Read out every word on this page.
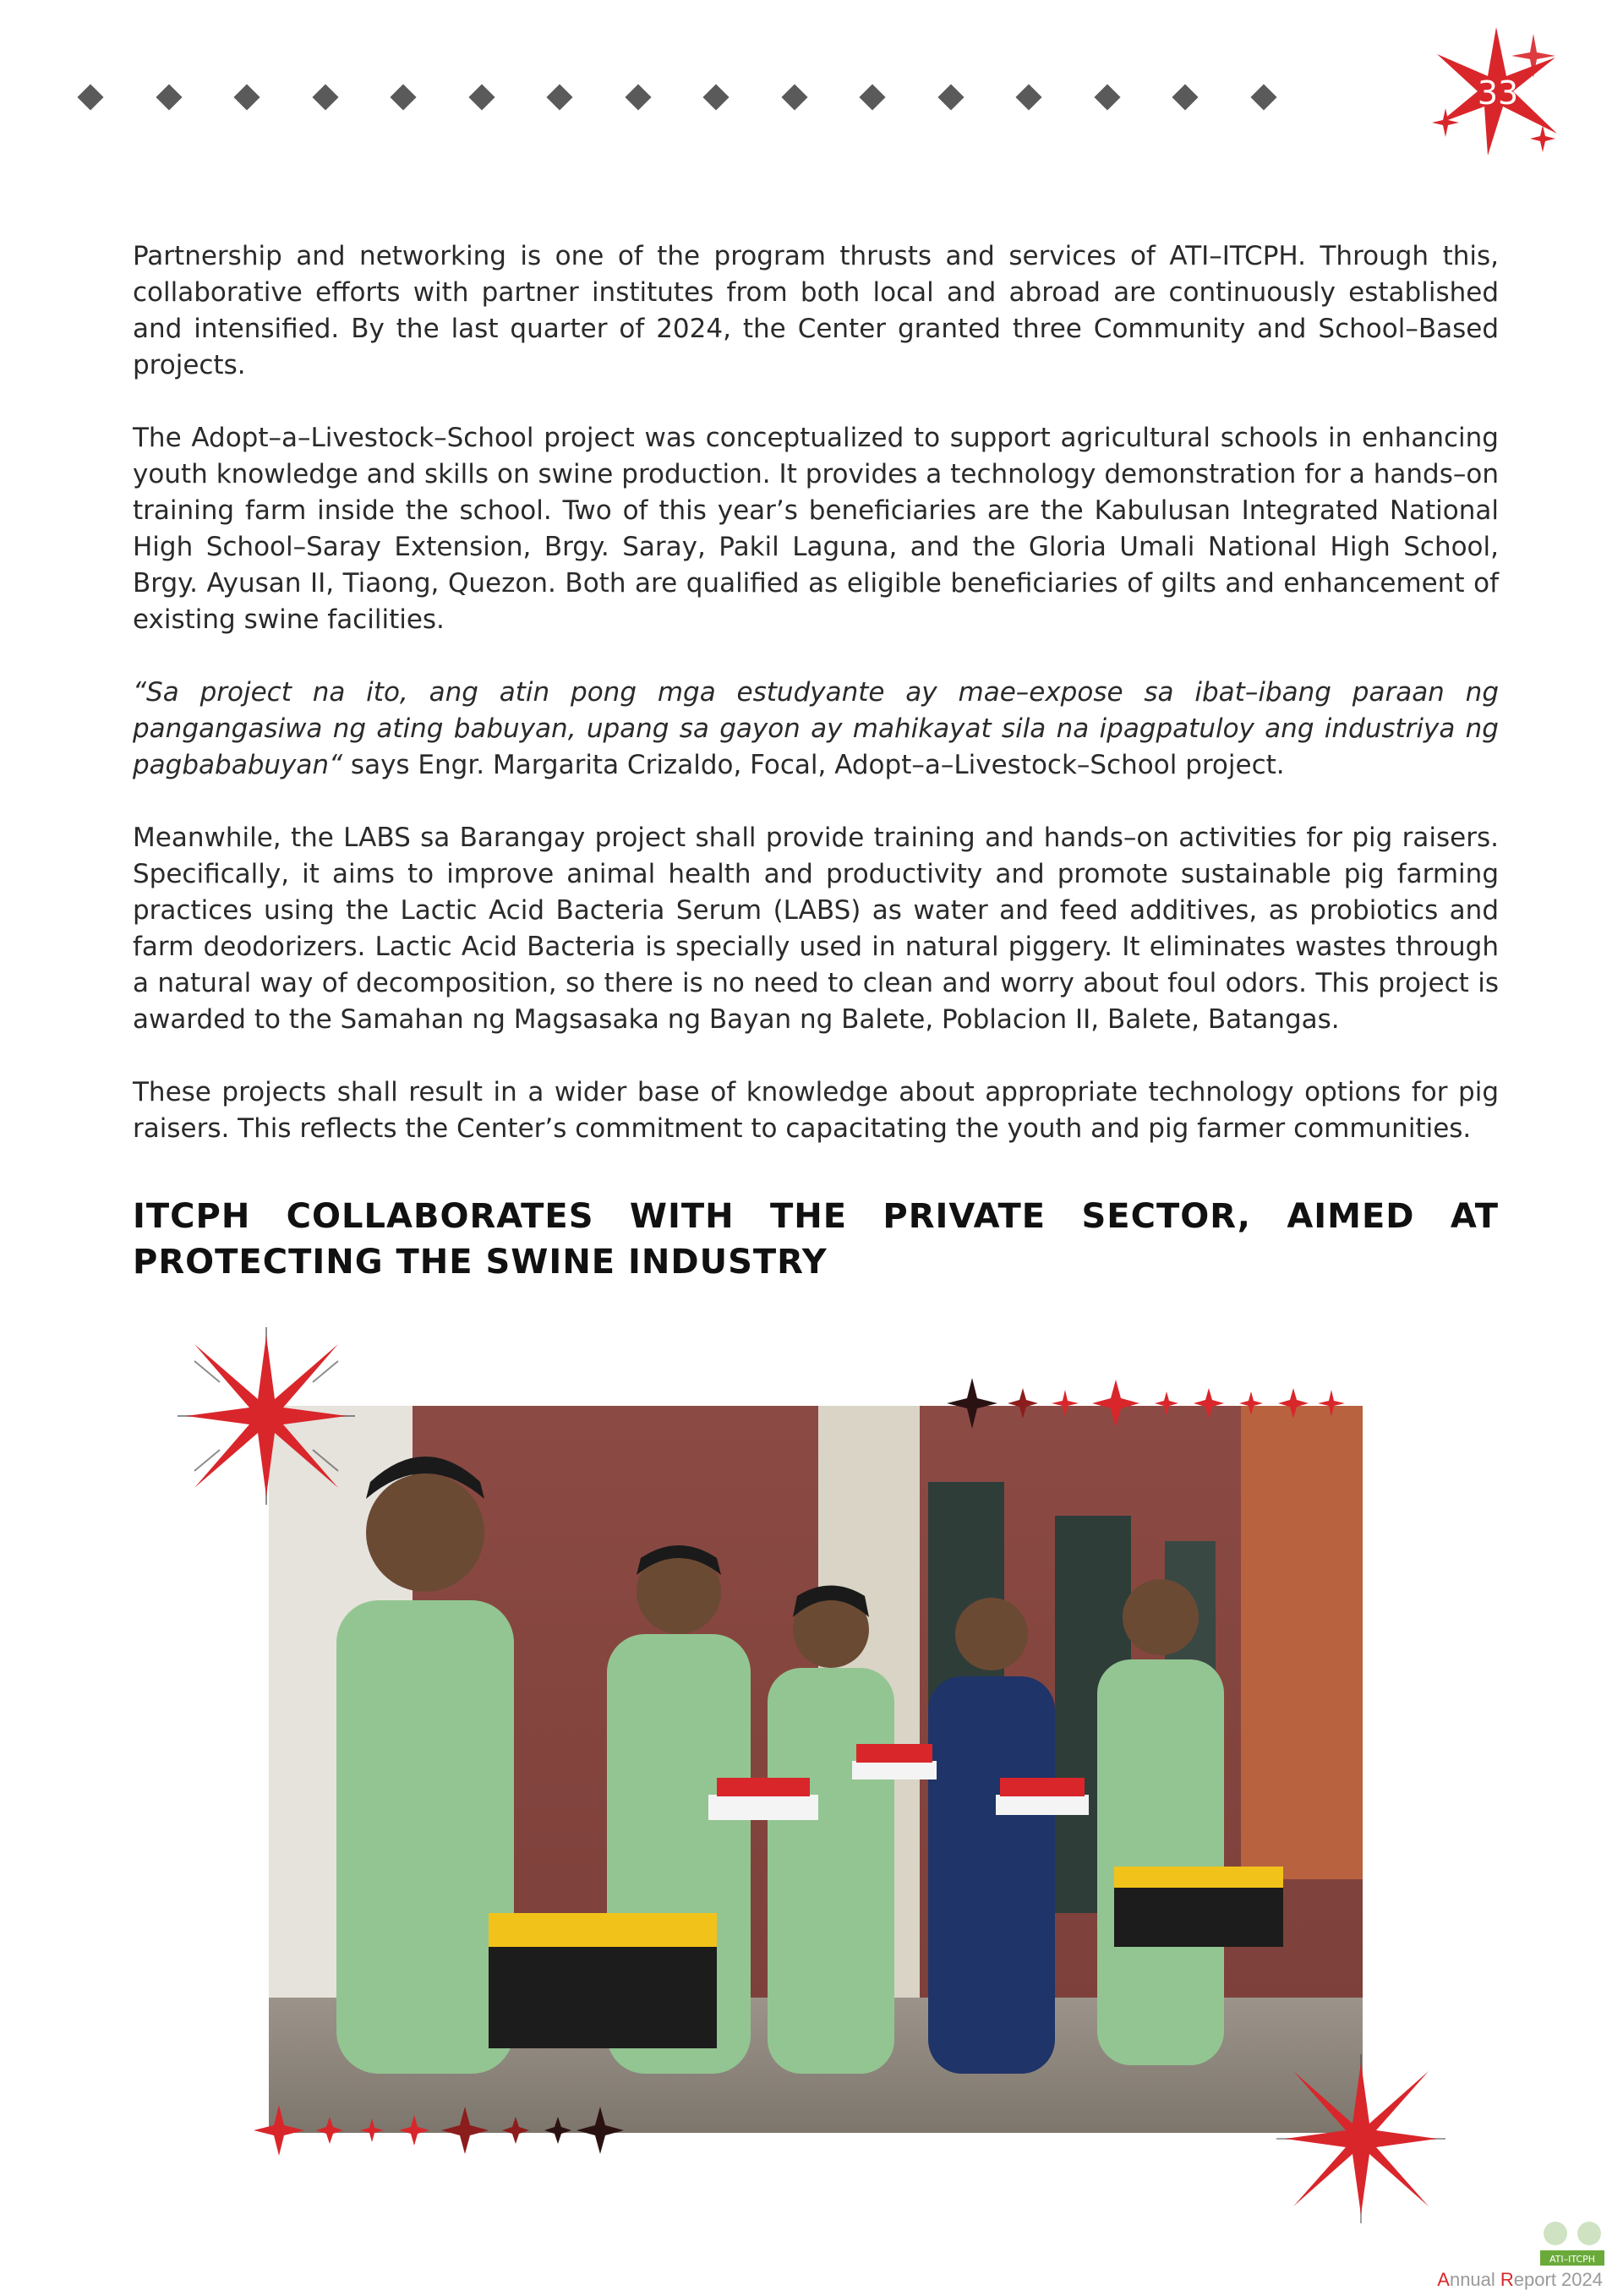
33

Partnership and networking is one of the program thrusts and services of ATI–ITCPH. Through this, collaborative efforts with partner institutes from both local and abroad are continuously established and intensified. By the last quarter of 2024, the Center granted three Community and School–Based projects.

The Adopt–a–Livestock–School project was conceptualized to support agricultural schools in enhancing youth knowledge and skills on swine production. It provides a technology demonstration for a hands–on training farm inside the school. Two of this year’s beneficiaries are the Kabulusan Integrated National High School–Saray Extension, Brgy. Saray, Pakil Laguna, and the Gloria Umali National High School, Brgy. Ayusan II, Tiaong, Quezon. Both are qualified as eligible beneficiaries of gilts and enhancement of existing swine facilities.

“Sa project na ito, ang atin pong mga estudyante ay mae–expose sa ibat–ibang paraan ng pangangasiwa ng ating babuyan, upang sa gayon ay mahikayat sila na ipagpatuloy ang industriya ng pagbababuyan“ says Engr. Margarita Crizaldo, Focal, Adopt–a–Livestock–School project.

Meanwhile, the LABS sa Barangay project shall provide training and hands–on activities for pig raisers. Specifically, it aims to improve animal health and productivity and promote sustainable pig farming practices using the Lactic Acid Bacteria Serum (LABS) as water and feed additives, as probiotics and farm deodorizers. Lactic Acid Bacteria is specially used in natural piggery. It eliminates wastes through a natural way of decomposition, so there is no need to clean and worry about foul odors. This project is awarded to the Samahan ng Magsasaka ng Bayan ng Balete, Poblacion II, Balete, Batangas.

These projects shall result in a wider base of knowledge about appropriate technology options for pig raisers. This reflects the Center’s commitment to capacitating the youth and pig farmer communities.

ITCPH COLLABORATES WITH THE PRIVATE SECTOR, AIMED AT PROTECTING THE SWINE INDUSTRY
ATI–ITCPH
Annual Report 2024
